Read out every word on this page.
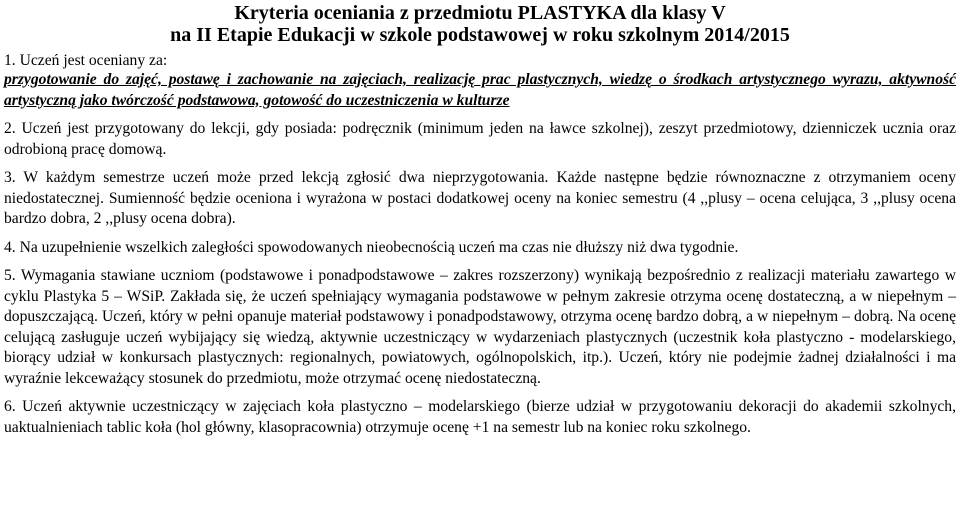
Kryteria oceniania z przedmiotu PLASTYKA dla klasy V
na II Etapie Edukacji w szkole podstawowej w roku szkolnym 2014/2015

1. Uczeń jest oceniany za:

przygotowanie do zajęć, postawę i zachowanie na zajęciach, realizację prac plastycznych, wiedzę o środkach artystycznego wyrazu, aktywność artystyczną jako twórczość podstawowa, gotowość do uczestniczenia w kulturze

2. Uczeń jest przygotowany do lekcji, gdy posiada: podręcznik (minimum jeden na ławce szkolnej), zeszyt przedmiotowy, dzienniczek ucznia oraz odrobioną pracę domową.

3. W każdym semestrze uczeń może przed lekcją zgłosić dwa nieprzygotowania. Każde następne będzie równoznaczne z otrzymaniem oceny niedostatecznej. Sumienność będzie oceniona i wyrażona w postaci dodatkowej oceny na koniec semestru (4 ,,plusy – ocena celująca, 3 ,,plusy ocena bardzo dobra, 2 ,,plusy ocena dobra).

4. Na uzupełnienie wszelkich zaległości spowodowanych nieobecnością uczeń ma czas nie dłuższy niż dwa tygodnie.

5. Wymagania stawiane uczniom (podstawowe i ponadpodstawowe – zakres rozszerzony) wynikają bezpośrednio z realizacji materiału zawartego w cyklu Plastyka 5 – WSiP. Zakłada się, że uczeń spełniający wymagania podstawowe w pełnym zakresie otrzyma ocenę dostateczną, a w niepełnym – dopuszczającą. Uczeń, który w pełni opanuje materiał podstawowy i ponadpodstawowy, otrzyma ocenę bardzo dobrą, a w niepełnym – dobrą. Na ocenę celującą zasługuje uczeń wybijający się wiedzą, aktywnie uczestniczący w wydarzeniach plastycznych (uczestnik koła plastyczno - modelarskiego, biorący udział w konkursach plastycznych: regionalnych, powiatowych, ogólnopolskich, itp.). Uczeń, który nie podejmie żadnej działalności i ma wyraźnie lekceważący stosunek do przedmiotu, może otrzymać ocenę niedostateczną.

6. Uczeń aktywnie uczestniczący w zajęciach koła plastyczno – modelarskiego (bierze udział w przygotowaniu dekoracji do akademii szkolnych, uaktualnieniach tablic koła (hol główny, klasopracownia) otrzymuje ocenę +1 na semestr lub na koniec roku szkolnego.
